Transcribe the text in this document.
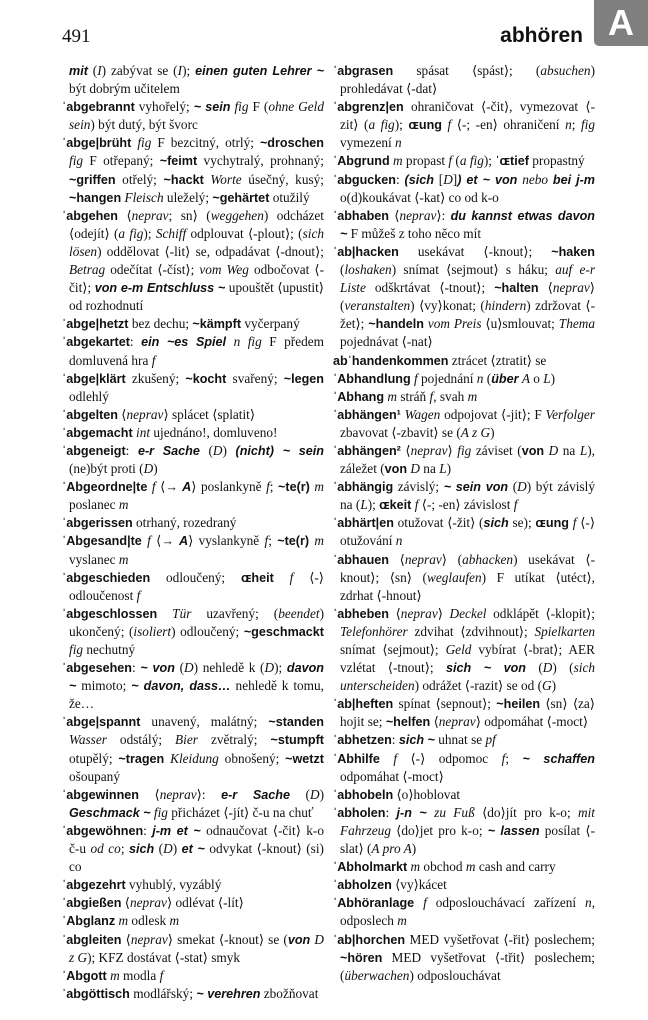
491	abhören A

mit (I) zabývat se (I); einen guten Lehrer ~ být dobrým učitelem

ˈabgebrannt vyhořelý; ~ sein fig F (ohne Geld sein) být dutý, být švorc

ˈabge|brüht fig F bezcitný, otrlý; ~droschen fig F otřepaný; ~feimt vychytralý, prohnaný; ~griffen otřelý; ~hackt Worte úsečný, kusý; ~hangen Fleisch uleželý; ~gehärtet otužilý

ˈabgehen ⟨neprav; sn⟩ (weggehen) odcházet ⟨odejít⟩ (a fig); Schiff odplouvat ⟨-plout⟩; (sich lösen) oddělovat ⟨-lit⟩ se, odpadávat ⟨-dnout⟩; Betrag odečítat ⟨-číst⟩; vom Weg odbočovat ⟨-čit⟩; von e-m Entschluss ~ upouštět ⟨upustit⟩ od rozhodnutí

ˈabge|hetzt bez dechu; ~kämpft vyčerpaný

ˈabgekartet: ein ~es Spiel n fig F předem domluvená hra f

ˈabge|klärt zkušený; ~kocht svařený; ~legen odlehlý

ˈabgelten ⟨neprav⟩ splácet ⟨splatit⟩

ˈabgemacht int ujednáno!, domluveno!

ˈabgeneigt: e-r Sache (D) (nicht) ~ sein (ne)být proti (D)

ˈAbgeordne|te f ⟨→ A⟩ poslankyně f; ~te(r) m poslanec m

ˈabgerissen otrhaný, rozedraný

ˈAbgesand|te f ⟨→ A⟩ vyslankyně f; ~te(r) m vyslanec m

ˈabgeschieden odloučený; ɶheit f ⟨-⟩ odloučenost f

ˈabgeschlossen Tür uzavřený; (beendet) ukončený; (isoliert) odloučený; ~geschmackt fig nechutný

ˈabgesehen: ~ von (D) nehledě k (D); davon ~ mimoto; ~ davon, dass… nehledě k tomu, že…

ˈabge|spannt unavený, malátný; ~standen Wasser odstálý; Bier zvětralý; ~stumpft otupělý; ~tragen Kleidung obnošený; ~wetzt ošoupaný

ˈabgewinnen ⟨neprav⟩: e-r Sache (D) Geschmack ~ fig přicházet ⟨-jít⟩ č-u na chuť

ˈabgewöhnen: j-m et ~ odnaučovat ⟨-čit⟩ k-o č-u od co; sich (D) et ~ odvykat ⟨-knout⟩ (si) co

ˈabgezehrt vyhublý, vyzáblý

ˈabgießen ⟨neprav⟩ odlévat ⟨-lít⟩

ˈAbglanz m odlesk m

ˈabgleiten ⟨neprav⟩ smekat ⟨-knout⟩ se (von D z G); KFZ dostávat ⟨-stat⟩ smyk

ˈAbgott m modla f

ˈabgöttisch modlářský; ~ verehren zbožňovat

ˈabgrasen spásat ⟨spást⟩; (absuchen) prohledávat ⟨-dat⟩

ˈabgrenz|en ohraničovat ⟨-čit⟩, vymezovat ⟨-zit⟩ (a fig); ɶung f ⟨-; -en⟩ ohraničení n; fig vymezení n

ˈAbgrund m propast f (a fig); ˈɶtief propastný

ˈabgucken: (sich [D]) et ~ von nebo bei j-m o(d)koukávat ⟨-kat⟩ co od k-o

ˈabhaben ⟨neprav⟩: du kannst etwas davon ~ F můžeš z toho něco mít

ˈab|hacken usekávat ⟨-knout⟩; ~haken (loshaken) snímat ⟨sejmout⟩ s háku; auf e-r Liste odškrtávat ⟨-tnout⟩; ~halten ⟨neprav⟩ (veranstalten) ⟨vy⟩konat; (hindern) zdržovat ⟨-žet⟩; ~handeln vom Preis ⟨u⟩smlouvat; Thema pojednávat ⟨-nat⟩

abˈhandenkommen ztrácet ⟨ztratit⟩ se

ˈAbhandlung f pojednání n (über A o L)

ˈAbhang m stráň f, svah m

ˈabhängen¹ Wagen odpojovat ⟨-jit⟩; F Verfolger zbavovat ⟨-zbavit⟩ se (A z G)

ˈabhängen² ⟨neprav⟩ fig záviset (von D na L), záležet (von D na L)

ˈabhängig závislý; ~ sein von (D) být závislý na (L); ɶkeit f ⟨-; -en⟩ závislost f

ˈabhärt|en otužovat ⟨-žit⟩ (sich se); ɶung f ⟨-⟩ otužování n

ˈabhauen ⟨neprav⟩ (abhacken) usekávat ⟨-knout⟩; ⟨sn⟩ (weglaufen) F utíkat ⟨utéct⟩, zdrhat ⟨-hnout⟩

ˈabheben ⟨neprav⟩ Deckel odklápět ⟨-klopit⟩; Telefonhörer zdvihat ⟨zdvihnout⟩; Spielkarten snímat ⟨sejmout⟩; Geld vybírat ⟨-brat⟩; AER vzlétat ⟨-tnout⟩; sich ~ von (D) (sich unterscheiden) odrážet ⟨-razit⟩ se od (G)

ˈab|heften spínat ⟨sepnout⟩; ~heilen ⟨sn⟩ ⟨za⟩hojit se; ~helfen ⟨neprav⟩ odpomáhat ⟨-moct⟩

ˈabhetzen: sich ~ uhnat se pf

ˈAbhilfe f ⟨-⟩ odpomoc f; ~ schaffen odpomáhat ⟨-moct⟩

ˈabhobeln ⟨o⟩hoblovat

ˈabholen: j-n ~ zu Fuß ⟨do⟩jít pro k-o; mit Fahrzeug ⟨do⟩jet pro k-o; ~ lassen posílat ⟨-slat⟩ (A pro A)

ˈAbholmarkt m obchod m cash and carry

ˈabholzen ⟨vy⟩kácet

ˈAbhöranlage f odposlouchávací zařízení n, odposlech m

ˈab|horchen MED vyšetřovat ⟨-řit⟩ poslechem; ~hören MED vyšetřovat ⟨-třit⟩ poslechem; (überwachen) odposlouchávat
